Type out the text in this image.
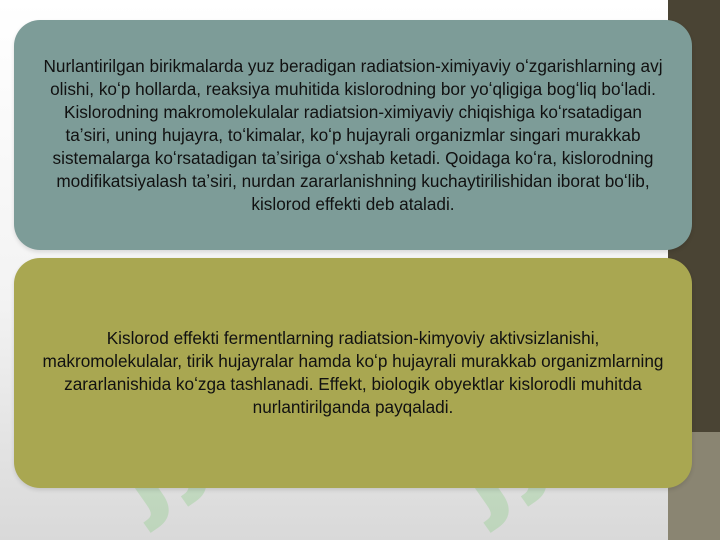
Nurlantirilgan birikmalarda yuz beradigan radiatsion-ximiyaviy oʻzgarishlarning avj olishi, koʻp hollarda, reaksiya muhitida kislorodning bor yoʻqligiga bogʻliq boʻladi. Kislorodning makromolekulalar radiatsion-ximiyaviy chiqishiga koʻrsatadigan taʼsiri, uning hujayra, toʻkimalar, koʻp hujayrali organizmlar singari murakkab sistemalarga koʻrsatadigan taʼsiriga oʻxshab ketadi. Qoidaga koʻra, kislorodning modifikatsiyalash taʼsiri, nurdan zararlanishning kuchaytirilishidan iborat boʻlib, kislorod effekti deb ataladi.

Kislorod effekti fermentlarning radiatsion-kimyoviy aktivsizlanishi, makromolekulalar, tirik hujayralar hamda koʻp hujayrali murakkab organizmlarning zararlanishida koʻzga tashlanadi. Effekt, biologik obyektlar kislorodli muhitda nurlantirilganda payqaladi.
